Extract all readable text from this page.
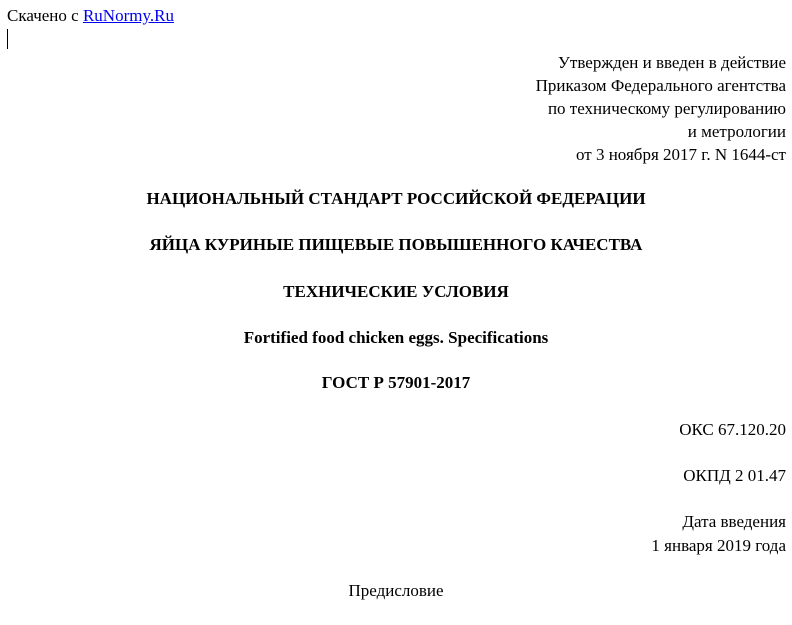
Скачено с RuNormy.Ru
Утвержден и введен в действие
Приказом Федерального агентства
по техническому регулированию
и метрологии
от 3 ноября 2017 г. N 1644-ст
НАЦИОНАЛЬНЫЙ СТАНДАРТ РОССИЙСКОЙ ФЕДЕРАЦИИ
ЯЙЦА КУРИНЫЕ ПИЩЕВЫЕ ПОВЫШЕННОГО КАЧЕСТВА
ТЕХНИЧЕСКИЕ УСЛОВИЯ
Fortified food chicken eggs. Specifications
ГОСТ Р 57901-2017
ОКС 67.120.20
ОКПД 2 01.47
Дата введения
1 января 2019 года
Предисловие
